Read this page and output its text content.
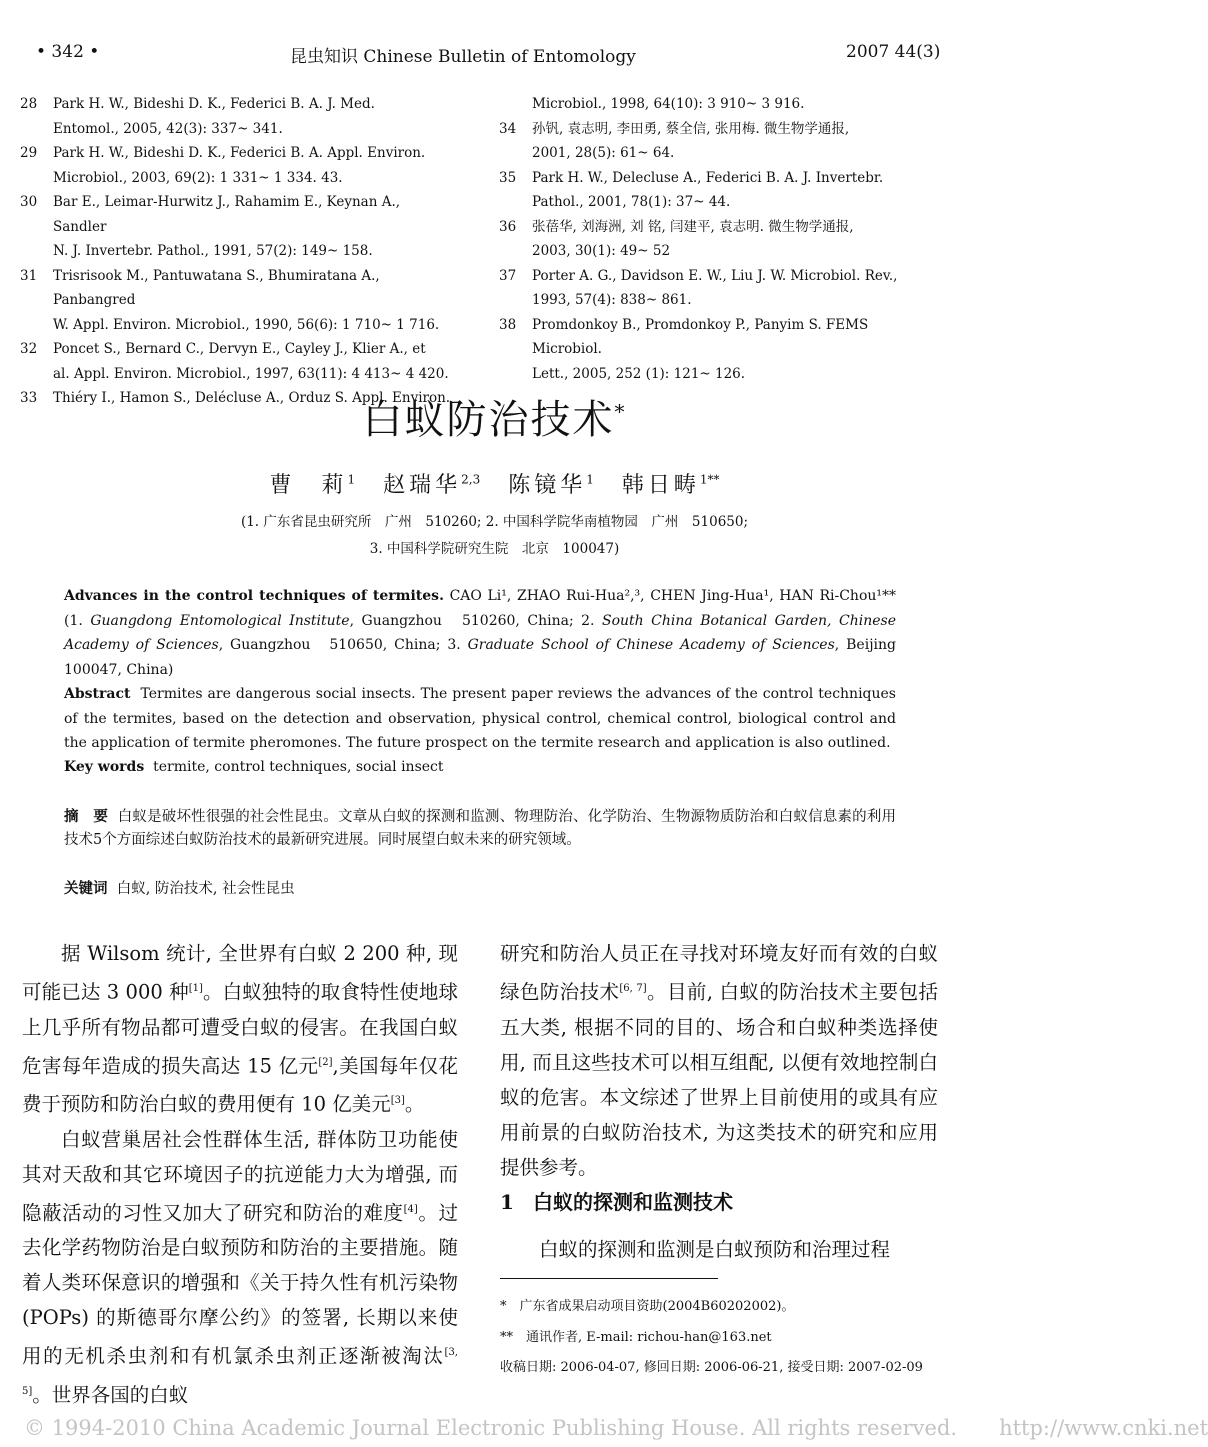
• 342 •	昆虫知识 Chinese Bulletin of Entomology	2007 44(3)
28 Park H. W., Bideshi D. K., Federici B. A. J. Med.
Entomol., 2005, 42(3): 337~ 341.
29 Park H. W., Bideshi D. K., Federici B. A. Appl. Environ.
Microbiol., 2003, 69(2): 1 331~ 1 334. 43.
30 Bar E., Leimar-Hurwitz J., Rahamim E., Keynan A., Sandler
N. J. Invertebr. Pathol., 1991, 57(2): 149~ 158.
31 Trisrisook M., Pantuwatana S., Bhumiratana A., Panbangred
W. Appl. Environ. Microbiol., 1990, 56(6): 1 710~ 1 716.
32 Poncet S., Bernard C., Dervyn E., Cayley J., Klier A., et
al. Appl. Environ. Microbiol., 1997, 63(11): 4 413~ 4 420.
33 Thiéry I., Hamon S., Delécluse A., Orduz S. Appl. Environ.
Microbiol., 1998, 64(10): 3 910~ 3 916.
34 孙钒, 袁志明, 李田勇, 蔡全信, 张用梅. 微生物学通报,
2001, 28(5): 61~ 64.
35 Park H. W., Delecluse A., Federici B. A. J. Invertebr.
Pathol., 2001, 78(1): 37~ 44.
36 张蓓华, 刘海洲, 刘 铭, 闫建平, 袁志明. 微生物学通报,
2003, 30(1): 49~ 52
37 Porter A. G., Davidson E. W., Liu J. W. Microbiol. Rev.,
1993, 57(4): 838~ 861.
38 Promdonkoy B., Promdonkoy P., Panyim S. FEMS Microbiol.
Lett., 2005, 252 (1): 121~ 126.
白蚁防治技术*
曹　莉$^1$ 赵瑞华$^{2,3}$ 陈镜华$^1$ 韩日畴$^{1**}$
(1. 广东省昆虫研究所　广州　510260; 2. 中国科学院华南植物园　广州　510650;
3. 中国科学院研究生院　北京　100047)
Advances in the control techniques of termites. CAO Li¹, ZHAO Rui-Hua²,³, CHEN Jing-Hua¹, HAN Ri-Chou¹** (1. Guangdong Entomological Institute, Guangzhou　510260, China; 2. South China Botanical Garden, Chinese Academy of Sciences, Guangzhou　510650, China; 3. Graduate School of Chinese Academy of Sciences, Beijing 100047, China)
Abstract Termites are dangerous social insects. The present paper reviews the advances of the control techniques of the termites, based on the detection and observation, physical control, chemical control, biological control and the application of termite pheromones. The future prospect on the termite research and application is also outlined.
Key words termite, control techniques, social insect
摘　要 白蚁是破坏性很强的社会性昆虫。文章从白蚁的探测和监测、物理防治、化学防治、生物源物质防治和白蚁信息素的利用技术5个方面综述白蚁防治技术的最新研究进展。同时展望白蚁未来的研究领域。
关键词 白蚁, 防治技术, 社会性昆虫

据 Wilsom 统计, 全世界有白蚁 2 200 种, 现可能已达 3 000 种[1]。白蚁独特的取食特性使地球上几乎所有物品都可遭受白蚁的侵害。在我国白蚁危害每年造成的损失高达 15 亿元[2],美国每年仅花费于预防和防治白蚁的费用便有 10 亿美元[3]。

白蚁营巢居社会性群体生活, 群体防卫功能使其对天敌和其它环境因子的抗逆能力大为增强, 而隐蔽活动的习性又加大了研究和防治的难度[4]。过去化学药物防治是白蚁预防和防治的主要措施。随着人类环保意识的增强和《关于持久性有机污染物(POPs) 的斯德哥尔摩公约》的签署, 长期以来使用的无机杀虫剂和有机氯杀虫剂正逐渐被淘汰[3, 5]。世界各国的白蚁

研究和防治人员正在寻找对环境友好而有效的白蚁绿色防治技术[6, 7]。目前, 白蚁的防治技术主要包括五大类, 根据不同的目的、场合和白蚁种类选择使用, 而且这些技术可以相互组配, 以便有效地控制白蚁的危害。本文综述了世界上目前使用的或具有应用前景的白蚁防治技术, 为这类技术的研究和应用提供参考。

1 白蚁的探测和监测技术

白蚁的探测和监测是白蚁预防和治理过程

*　广东省成果启动项目资助(2004B60202002)。
**　通讯作者, E-mail: richou-han@163.net
收稿日期: 2006-04-07, 修回日期: 2006-06-21, 接受日期: 2007-02-09
© 1994-2010 China Academic Journal Electronic Publishing House. All rights reserved.　　http://www.cnki.net
